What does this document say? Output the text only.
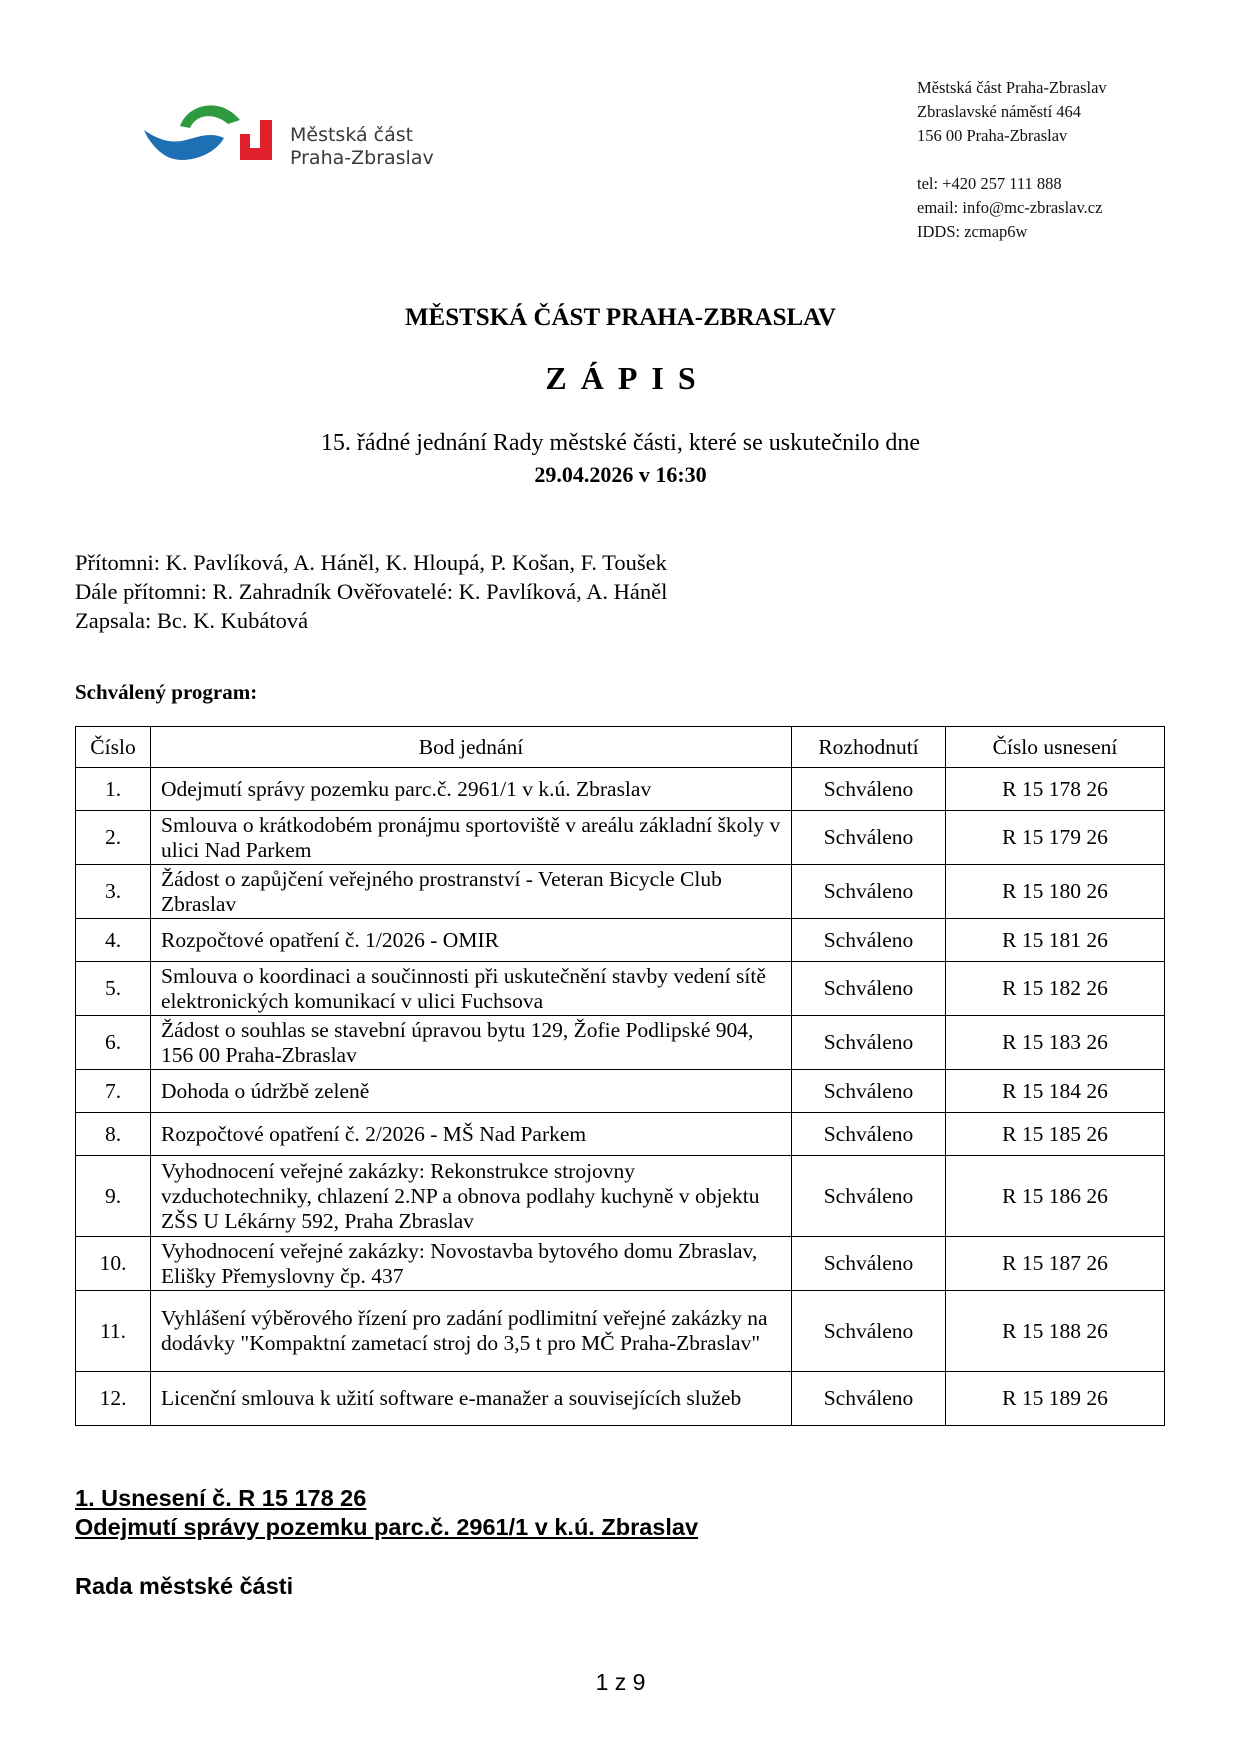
Městská část
Praha-Zbraslav
Městská část Praha-Zbraslav
Zbraslavské náměstí 464
156 00 Praha-Zbraslav
tel: +420 257 111 888
email: info@mc-zbraslav.cz
IDDS: zcmap6w
MĚSTSKÁ ČÁST PRAHA-ZBRASLAV
ZÁPIS
15. řádné jednání Rady městské části, které se uskutečnilo dne
29.04.2026 v 16:30
Přítomni: K. Pavlíková, A. Háněl, K. Hloupá, P. Košan, F. Toušek
Dále přítomni: R. Zahradník Ověřovatelé: K. Pavlíková, A. Háněl
Zapsala: Bc. K. Kubátová
Schválený program:
Číslo	Bod jednání	Rozhodnutí	Číslo usnesení
1.	Odejmutí správy pozemku parc.č. 2961/1 v k.ú. Zbraslav	Schváleno	R 15 178 26
2.	Smlouva o krátkodobém pronájmu sportoviště v areálu základní školy v ulici Nad Parkem	Schváleno	R 15 179 26
3.	Žádost o zapůjčení veřejného prostranství - Veteran Bicycle Club Zbraslav	Schváleno	R 15 180 26
4.	Rozpočtové opatření č. 1/2026 - OMIR	Schváleno	R 15 181 26
5.	Smlouva o koordinaci a součinnosti při uskutečnění stavby vedení sítě elektronických komunikací v ulici Fuchsova	Schváleno	R 15 182 26
6.	Žádost o souhlas se stavební úpravou bytu 129, Žofie Podlipské 904, 156 00 Praha-Zbraslav	Schváleno	R 15 183 26
7.	Dohoda o údržbě zeleně	Schváleno	R 15 184 26
8.	Rozpočtové opatření č. 2/2026 - MŠ Nad Parkem	Schváleno	R 15 185 26
9.	Vyhodnocení veřejné zakázky: Rekonstrukce strojovny vzduchotechniky, chlazení 2.NP a obnova podlahy kuchyně v objektu ZŠS U Lékárny 592, Praha Zbraslav	Schváleno	R 15 186 26
10.	Vyhodnocení veřejné zakázky: Novostavba bytového domu Zbraslav, Elišky Přemyslovny čp. 437	Schváleno	R 15 187 26
11.	Vyhlášení výběrového řízení pro zadání podlimitní veřejné zakázky na dodávky "Kompaktní zametací stroj do 3,5 t pro MČ Praha-Zbraslav"	Schváleno	R 15 188 26
12.	Licenční smlouva k užití software e-manažer a souvisejících služeb	Schváleno	R 15 189 26
1. Usnesení č. R 15 178 26
Odejmutí správy pozemku parc.č. 2961/1 v k.ú. Zbraslav
Rada městské části
1 z 9
